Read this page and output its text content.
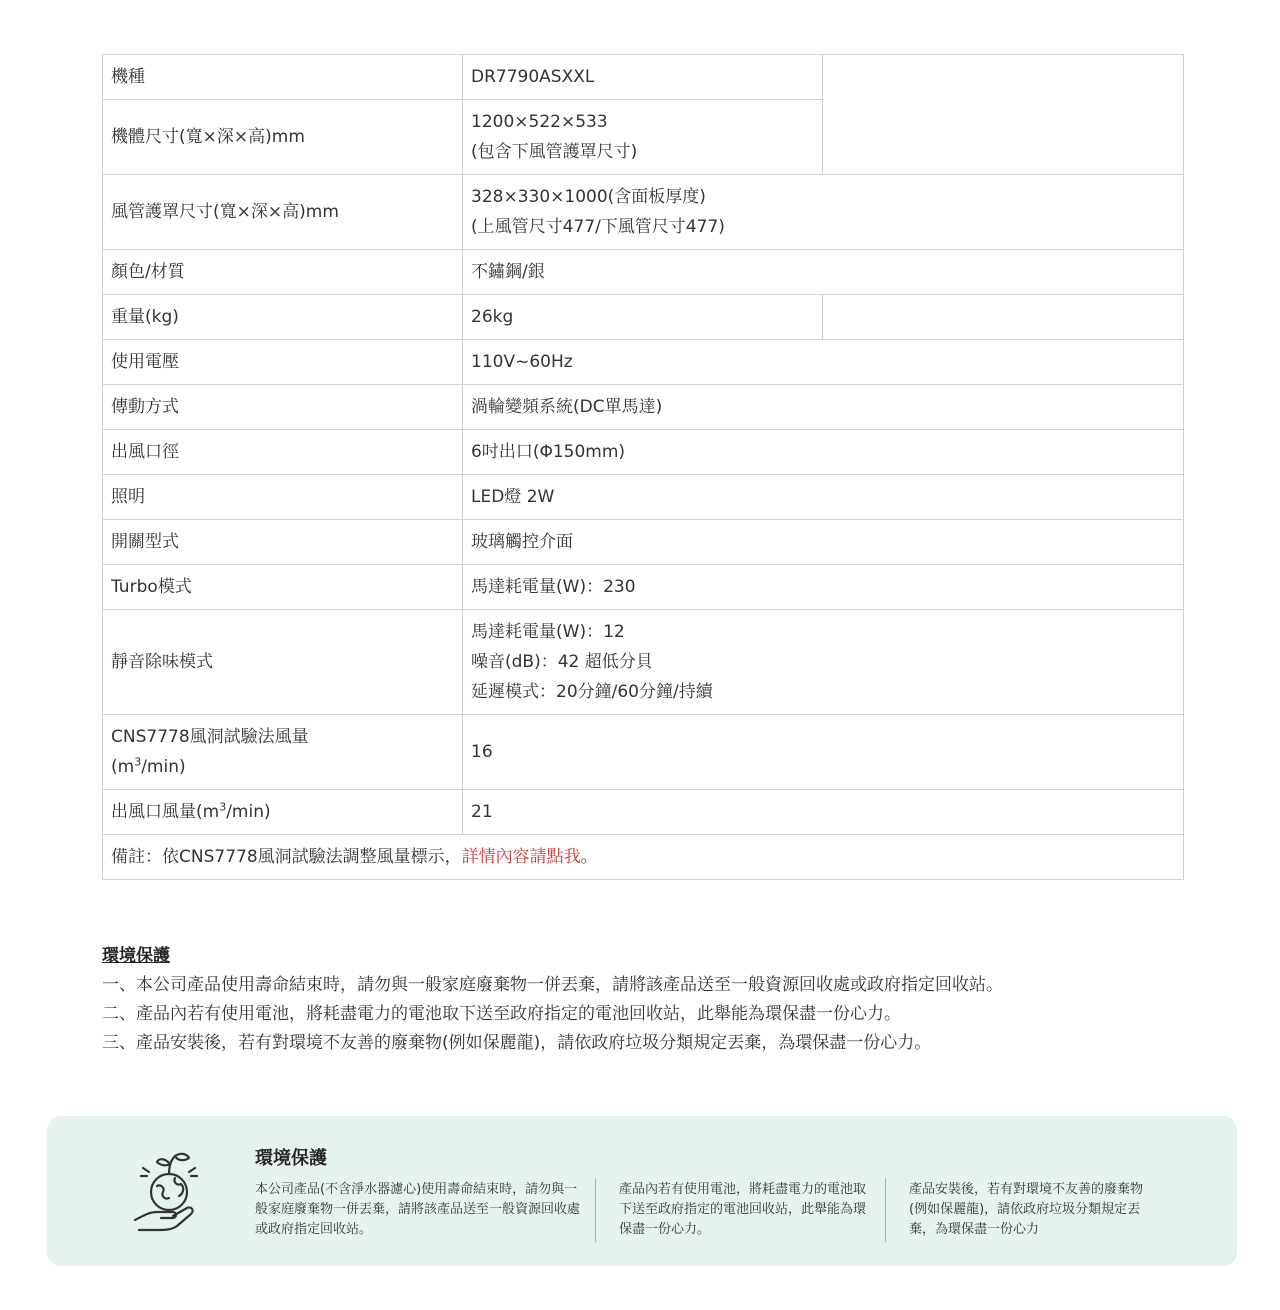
機種	DR7790ASXXL	
機體尺寸(寬×深×高)mm	1200×522×533
(包含下風管護罩尺寸)	
風管護罩尺寸(寬×深×高)mm	328×330×1000(含面板厚度)
(上風管尺寸477/下風管尺寸477)	
顏色/材質	不鏽鋼/銀	
重量(kg)	26kg	
使用電壓	110V~60Hz	
傳動方式	渦輪變頻系統(DC單馬達)	
出風口徑	6吋出口(Φ150mm)	
照明	LED燈 2W	
開關型式	玻璃觸控介面	
Turbo模式	馬達耗電量(W)：230	
靜音除味模式	馬達耗電量(W)：12
噪音(dB)：42 超低分貝
延遲模式：20分鐘/60分鐘/持續	
CNS7778風洞試驗法風量
$(m^3/\min)$	16	
出風口風量$(m^3/\min)$	21	
備註：依CNS7778風洞試驗法調整風量標示，詳情內容請點我。		
環境保護
一、本公司產品使用壽命結束時，請勿與一般家庭廢棄物一併丟棄，請將該產品送至一般資源回收處或政府指定回收站。
二、產品內若有使用電池，將耗盡電力的電池取下送至政府指定的電池回收站，此舉能為環保盡一份心力。
三、產品安裝後，若有對環境不友善的廢棄物(例如保麗龍)，請依政府垃圾分類規定丟棄，為環保盡一份心力。
環境保護
本公司產品(不含淨水器濾心)使用壽命結束時，請勿與一般家庭廢棄物一併丟棄，請將該產品送至一般資源回收處或政府指定回收站。
產品內若有使用電池，將耗盡電力的電池取下送至政府指定的電池回收站，此舉能為環保盡一份心力。
產品安裝後，若有對環境不友善的廢棄物(例如保麗龍)，請依政府垃圾分類規定丟棄，為環保盡一份心力
